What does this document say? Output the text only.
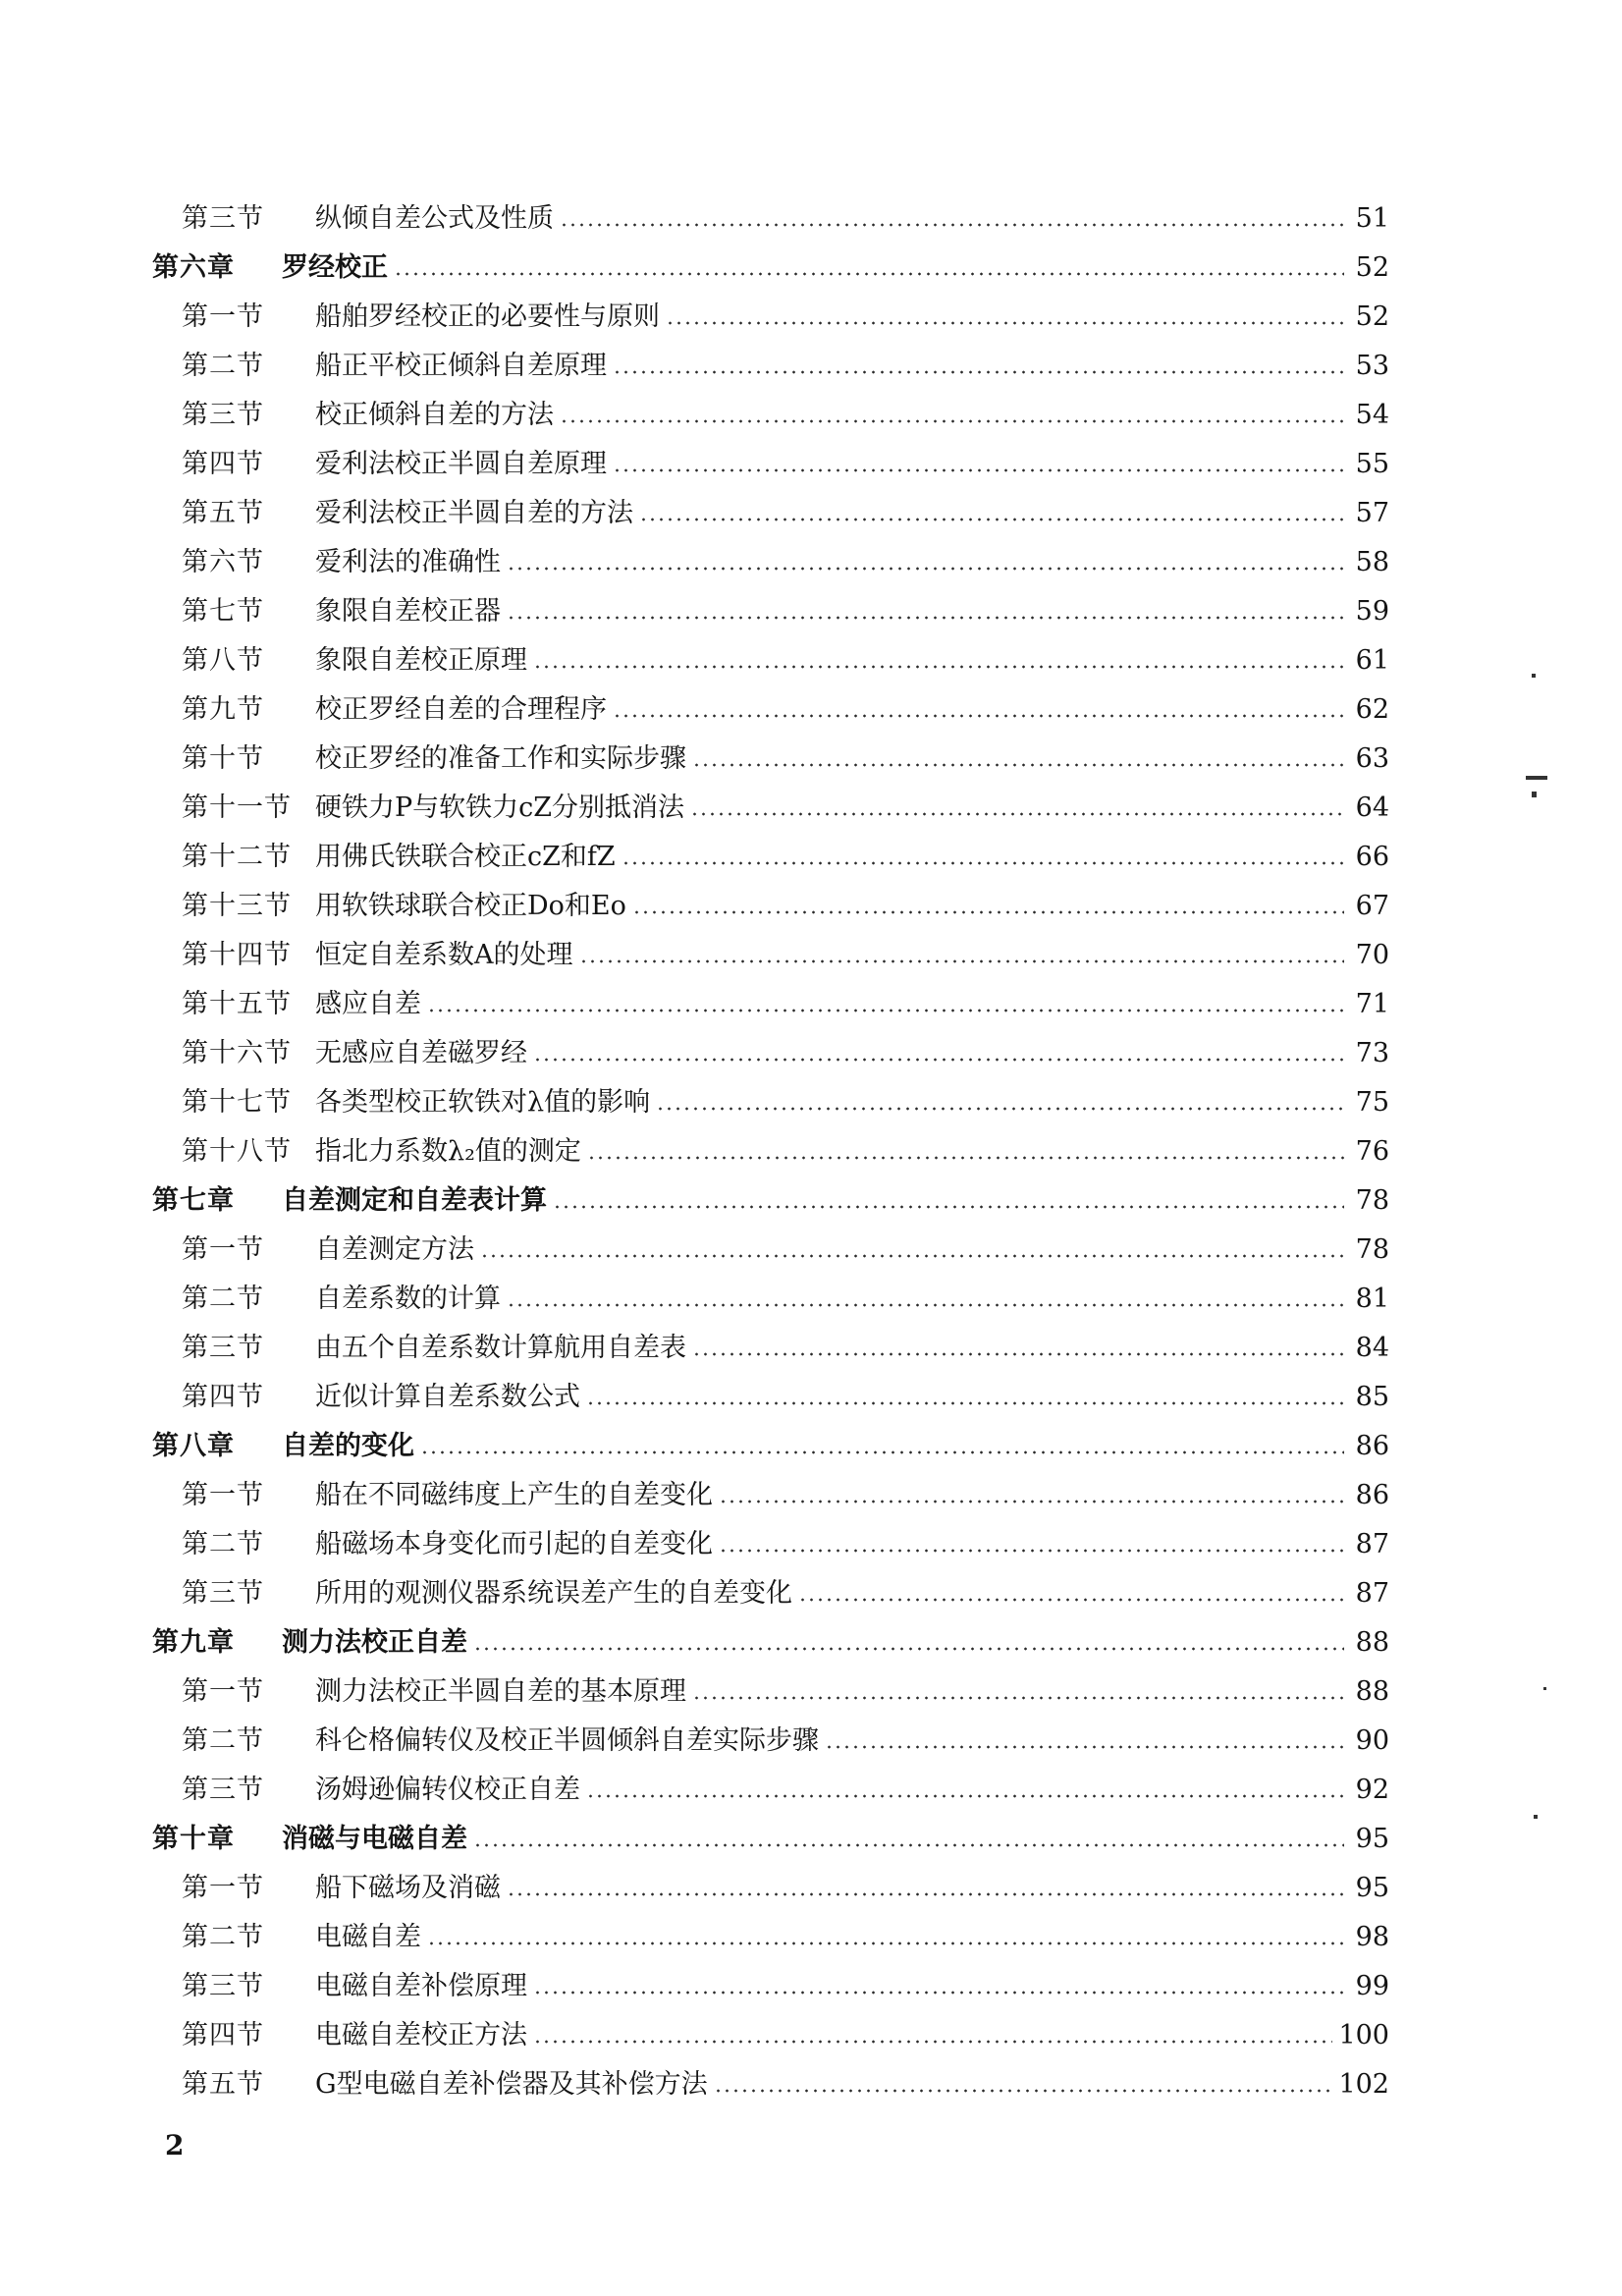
第三节	纵倾自差公式及性质	51
第六章	罗经校正	52
第一节	船舶罗经校正的必要性与原则	52
第二节	船正平校正倾斜自差原理	53
第三节	校正倾斜自差的方法	54
第四节	爱利法校正半圆自差原理	55
第五节	爱利法校正半圆自差的方法	57
第六节	爱利法的准确性	58
第七节	象限自差校正器	59
第八节	象限自差校正原理	61
第九节	校正罗经自差的合理程序	62
第十节	校正罗经的准备工作和实际步骤	63
第十一节 硬铁力P与软铁力cZ分别抵消法	64
第十二节 用佛氏铁联合校正cZ和fZ	66
第十三节 用软铁球联合校正Do和Eo	67
第十四节 恒定自差系数A的处理	70
第十五节 感应自差	71
第十六节 无感应自差磁罗经	73
第十七节 各类型校正软铁对λ值的影响	75
第十八节 指北力系数λ₂值的测定	76
第七章	自差测定和自差表计算	78
第一节	自差测定方法	78
第二节	自差系数的计算	81
第三节	由五个自差系数计算航用自差表	84
第四节	近似计算自差系数公式	85
第八章	自差的变化	86
第一节	船在不同磁纬度上产生的自差变化	86
第二节	船磁场本身变化而引起的自差变化	87
第三节	所用的观测仪器系统误差产生的自差变化	87
第九章	测力法校正自差	88
第一节	测力法校正半圆自差的基本原理	88
第二节	科仑格偏转仪及校正半圆倾斜自差实际步骤	90
第三节	汤姆逊偏转仪校正自差	92
第十章	消磁与电磁自差	95
第一节	船下磁场及消磁	95
第二节	电磁自差	98
第三节	电磁自差补偿原理	99
第四节	电磁自差校正方法	100
第五节	G型电磁自差补偿器及其补偿方法	102
2
